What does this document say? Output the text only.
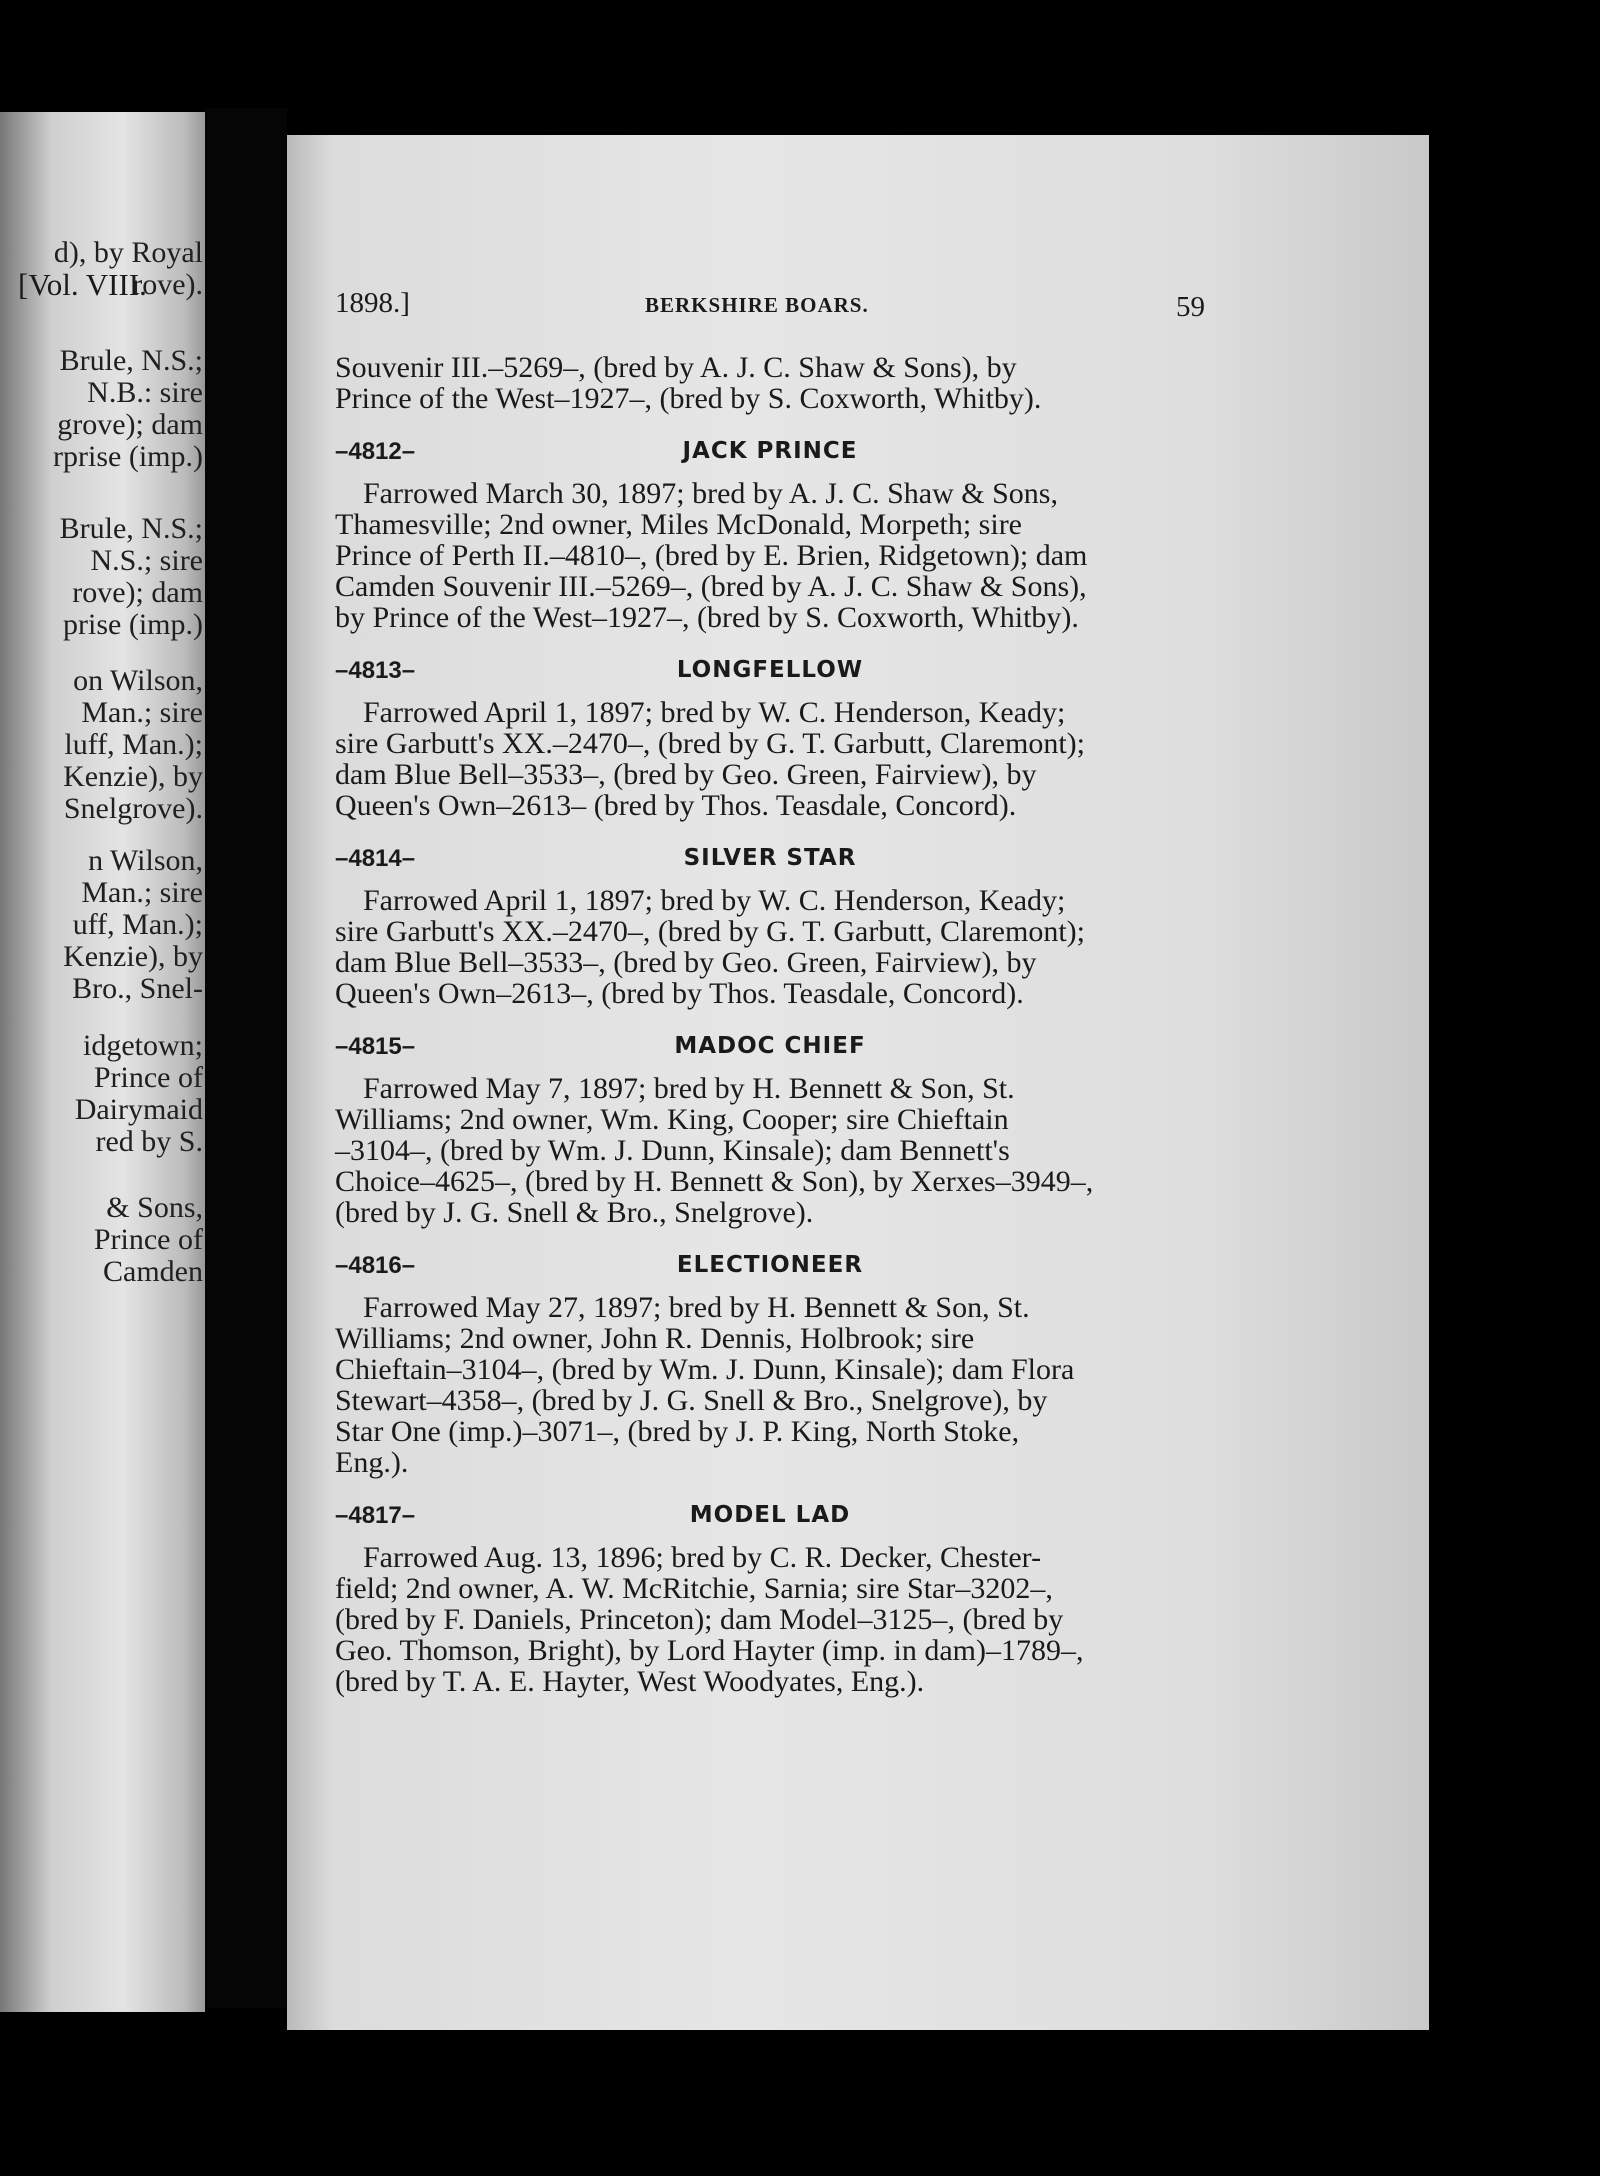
[Vol. VIII.
d), by Royal
rove).
Brule, N.S.;
N.B.: sire
grove); dam
rprise (imp.)
Brule, N.S.;
N.S.; sire
rove); dam
prise (imp.)
on Wilson,
Man.; sire
luff, Man.);
Kenzie), by
Snelgrove).
n Wilson,
Man.; sire
uff, Man.);
Kenzie), by
Bro., Snel-
idgetown;
Prince of
Dairymaid
red by S.
& Sons,
Prince of
Camden
1898.]	BERKSHIRE BOARS.	59
Souvenir III.–5269–, (bred by A. J. C. Shaw & Sons), by
Prince of the West–1927–, (bred by S. Coxworth, Whitby).
–4812–	JACK PRINCE
Farrowed March 30, 1897; bred by A. J. C. Shaw & Sons,
Thamesville; 2nd owner, Miles McDonald, Morpeth; sire
Prince of Perth II.–4810–, (bred by E. Brien, Ridgetown); dam
Camden Souvenir III.–5269–, (bred by A. J. C. Shaw & Sons),
by Prince of the West–1927–, (bred by S. Coxworth, Whitby).
–4813–	LONGFELLOW
Farrowed April 1, 1897; bred by W. C. Henderson, Keady;
sire Garbutt's XX.–2470–, (bred by G. T. Garbutt, Claremont);
dam Blue Bell–3533–, (bred by Geo. Green, Fairview), by
Queen's Own–2613– (bred by Thos. Teasdale, Concord).
–4814–	SILVER STAR
Farrowed April 1, 1897; bred by W. C. Henderson, Keady;
sire Garbutt's XX.–2470–, (bred by G. T. Garbutt, Claremont);
dam Blue Bell–3533–, (bred by Geo. Green, Fairview), by
Queen's Own–2613–, (bred by Thos. Teasdale, Concord).
–4815–	MADOC CHIEF
Farrowed May 7, 1897; bred by H. Bennett & Son, St.
Williams; 2nd owner, Wm. King, Cooper; sire Chieftain
–3104–, (bred by Wm. J. Dunn, Kinsale); dam Bennett's
Choice–4625–, (bred by H. Bennett & Son), by Xerxes–3949–,
(bred by J. G. Snell & Bro., Snelgrove).
–4816–	ELECTIONEER
Farrowed May 27, 1897; bred by H. Bennett & Son, St.
Williams; 2nd owner, John R. Dennis, Holbrook; sire
Chieftain–3104–, (bred by Wm. J. Dunn, Kinsale); dam Flora
Stewart–4358–, (bred by J. G. Snell & Bro., Snelgrove), by
Star One (imp.)–3071–, (bred by J. P. King, North Stoke,
Eng.).
–4817–	MODEL LAD
Farrowed Aug. 13, 1896; bred by C. R. Decker, Chester-
field; 2nd owner, A. W. McRitchie, Sarnia; sire Star–3202–,
(bred by F. Daniels, Princeton); dam Model–3125–, (bred by
Geo. Thomson, Bright), by Lord Hayter (imp. in dam)–1789–,
(bred by T. A. E. Hayter, West Woodyates, Eng.).
